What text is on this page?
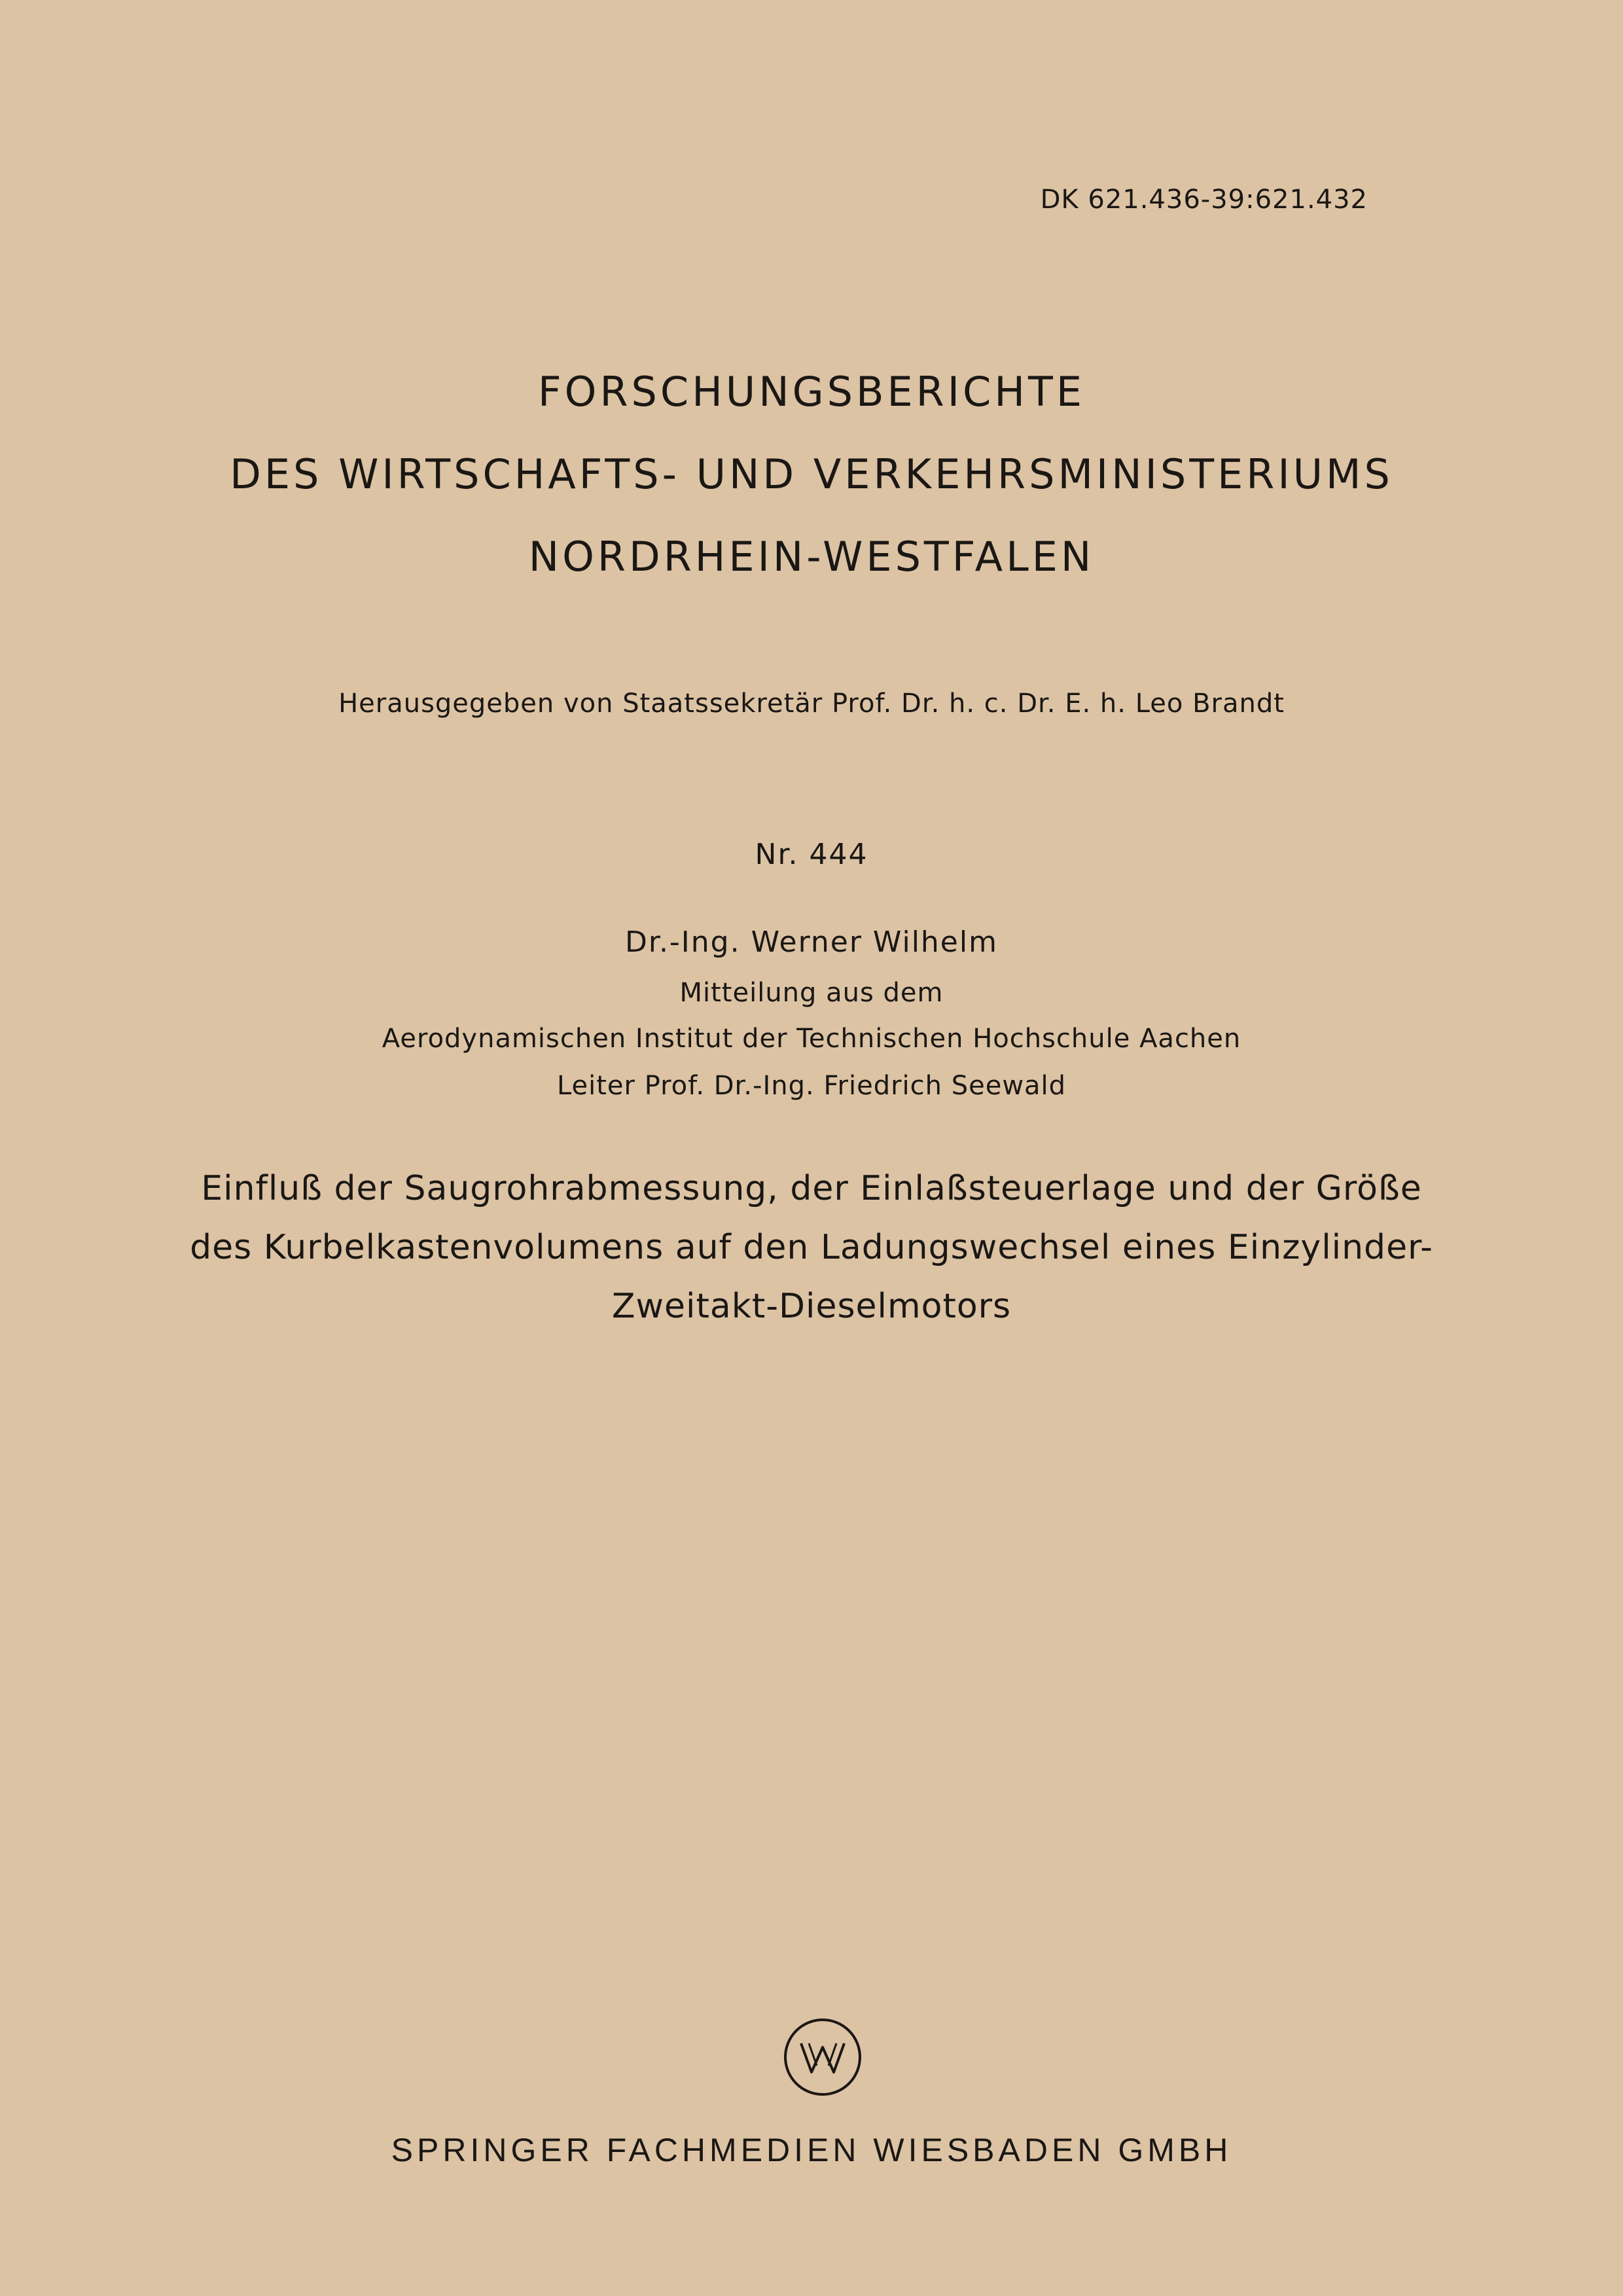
DK 621.436-39:621.432
FORSCHUNGSBERICHTE
DES WIRTSCHAFTS- UND VERKEHRSMINISTERIUMS
NORDRHEIN-WESTFALEN
Herausgegeben von Staatssekretär Prof. Dr. h. c. Dr. E. h. Leo Brandt
Nr. 444
Dr.-Ing. Werner Wilhelm
Mitteilung aus dem
Aerodynamischen Institut der Technischen Hochschule Aachen
Leiter Prof. Dr.-Ing. Friedrich Seewald
Einfluß der Saugrohrabmessung, der Einlaßsteuerlage und der Größe
des Kurbelkastenvolumens auf den Ladungswechsel eines Einzylinder-
Zweitakt-Dieselmotors
SPRINGER FACHMEDIEN WIESBADEN GMBH
